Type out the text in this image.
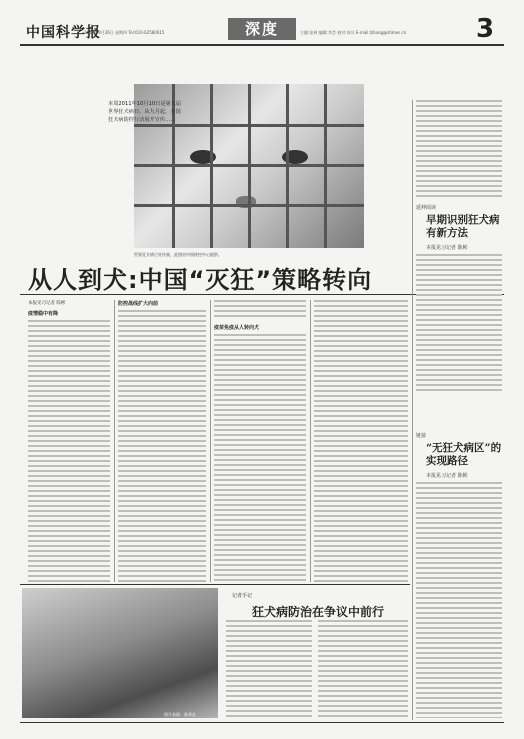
中国科学报
2013年9月26日 星期四 Tel:010-62580615	深度	主编:张林 编辑:李芸 校对:何川 E-mail:lzhang@stimes.cn	3
本周2011年10月10日是第五届世界狂犬病日，从九月起，全国狂犬病防控行动展开宣传……
世界狂犬病日宣传画，此图由中国疾控中心提供。
从人到犬:中国“灭狂”策略转向
本报见习记者 陈彬
疫情稳中有降
防控战线扩大向前
疫苗免疫从人转向犬
延伸阅读
早期识别狂犬病有新方法
本报见习记者 陈彬
链接
“无狂犬病区”的实现路径
本报见习记者 陈彬
图片来源：新华社
记者手记
狂犬病防治在争议中前行
